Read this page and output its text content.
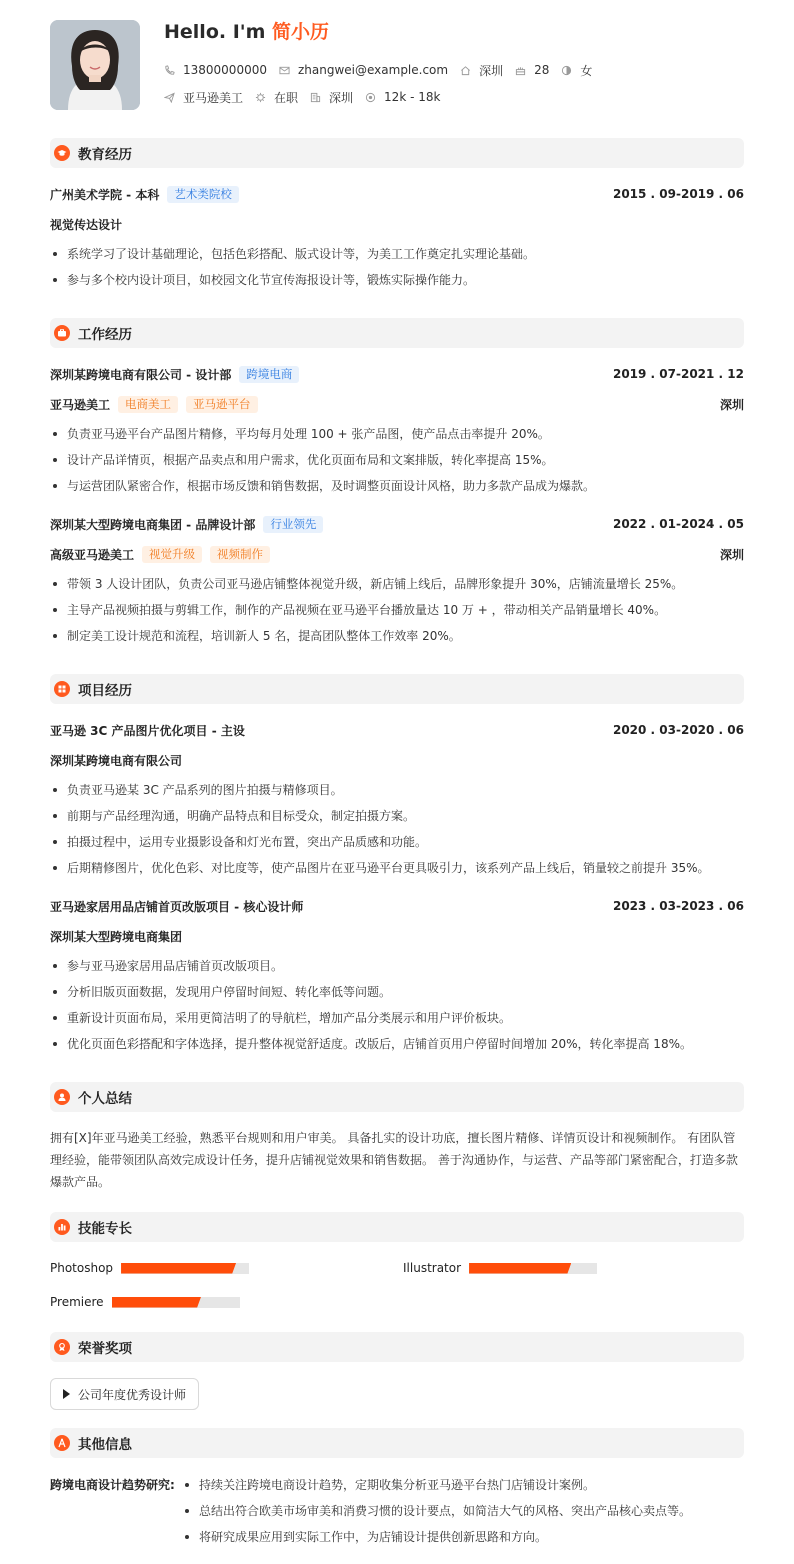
Hello. I'm 简小历
13800000000	zhangwei@example.com	深圳	28	女
亚马逊美工	在职	深圳	12k - 18k
教育经历
广州美术学院 - 本科	艺术类院校	2015 . 09-2019 . 06
视觉传达设计
系统学习了设计基础理论，包括色彩搭配、版式设计等，为美工工作奠定扎实理论基础。
参与多个校内设计项目，如校园文化节宣传海报设计等，锻炼实际操作能力。
工作经历
深圳某跨境电商有限公司 - 设计部	跨境电商	2019 . 07-2021 . 12
亚马逊美工	电商美工	亚马逊平台	深圳
负责亚马逊平台产品图片精修，平均每月处理 100 + 张产品图，使产品点击率提升 20%。
设计产品详情页，根据产品卖点和用户需求，优化页面布局和文案排版，转化率提高 15%。
与运营团队紧密合作，根据市场反馈和销售数据，及时调整页面设计风格，助力多款产品成为爆款。
深圳某大型跨境电商集团 - 品牌设计部	行业领先	2022 . 01-2024 . 05
高级亚马逊美工	视觉升级	视频制作	深圳
带领 3 人设计团队，负责公司亚马逊店铺整体视觉升级，新店铺上线后，品牌形象提升 30%，店铺流量增长 25%。
主导产品视频拍摄与剪辑工作，制作的产品视频在亚马逊平台播放量达 10 万 + ，带动相关产品销量增长 40%。
制定美工设计规范和流程，培训新人 5 名，提高团队整体工作效率 20%。
项目经历
亚马逊 3C 产品图片优化项目 - 主设	2020 . 03-2020 . 06
深圳某跨境电商有限公司
负责亚马逊某 3C 产品系列的图片拍摄与精修项目。
前期与产品经理沟通，明确产品特点和目标受众，制定拍摄方案。
拍摄过程中，运用专业摄影设备和灯光布置，突出产品质感和功能。
后期精修图片，优化色彩、对比度等，使产品图片在亚马逊平台更具吸引力，该系列产品上线后，销量较之前提升 35%。
亚马逊家居用品店铺首页改版项目 - 核心设计师	2023 . 03-2023 . 06
深圳某大型跨境电商集团
参与亚马逊家居用品店铺首页改版项目。
分析旧版页面数据，发现用户停留时间短、转化率低等问题。
重新设计页面布局，采用更简洁明了的导航栏，增加产品分类展示和用户评价板块。
优化页面色彩搭配和字体选择，提升整体视觉舒适度。改版后，店铺首页用户停留时间增加 20%，转化率提高 18%。
个人总结
拥有[X]年亚马逊美工经验，熟悉平台规则和用户审美。 具备扎实的设计功底，擅长图片精修、详情页设计和视频制作。 有团队管
理经验，能带领团队高效完成设计任务，提升店铺视觉效果和销售数据。 善于沟通协作，与运营、产品等部门紧密配合，打造多款
爆款产品。
技能专长
Photoshop	Illustrator
Premiere
荣誉奖项
公司年度优秀设计师
其他信息
跨境电商设计趋势研究:	持续关注跨境电商设计趋势，定期收集分析亚马逊平台热门店铺设计案例。
总结出符合欧美市场审美和消费习惯的设计要点，如简洁大气的风格、突出产品核心卖点等。
将研究成果应用到实际工作中，为店铺设计提供创新思路和方向。
